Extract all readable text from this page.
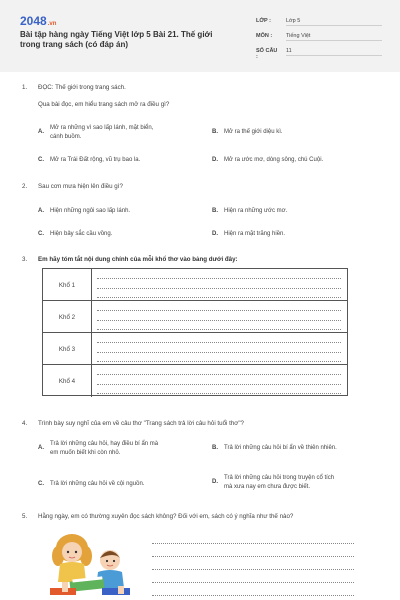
2048.vn
Bài tập hàng ngày Tiếng Việt lớp 5 Bài 21. Thế giới trong trang sách (có đáp án)
LỚP :	Lớp 5
MÔN :	Tiếng Việt
SỐ CÂU :
11
1. ĐỌC: Thế giới trong trang sách.
Qua bài đọc, em hiểu trang sách mở ra điều gì?
A.
Mở ra những vì sao lấp lánh, mặt biển,
cánh buồm.
B. Mở ra thế giới diệu kì.
C. Mở ra Trái Đất rộng, vũ trụ bao la.	D. Mở ra ước mơ, dòng sông, chú Cuội.
2. Sau cơn mưa hiện lên điều gì?
A. Hiện những ngôi sao lấp lánh.	B. Hiện ra những ước mơ.
C. Hiện bảy sắc cầu vồng.	D. Hiện ra mặt trăng hiền.
3. Em hãy tóm tắt nội dung chính của mỗi khổ thơ vào bảng dưới đây:
Khổ 1
Khổ 2
Khổ 3
Khổ 4
4. Trình bày suy nghĩ của em về câu thơ "Trang sách trả lời câu hỏi tuổi thơ"?
A.
Trả lời những câu hỏi, hay điều bí ẩn mà
em muốn biết khi còn nhỏ.
B. Trả lời những câu hỏi bí ẩn về thiên nhiên.
C. Trả lời những câu hỏi về cội nguồn.	D.
Trả lời những câu hỏi trong truyện cổ tích
mà xưa nay em chưa được biết.
5. Hằng ngày, em có thường xuyên đọc sách không? Đối với em, sách có ý nghĩa như thế nào?
